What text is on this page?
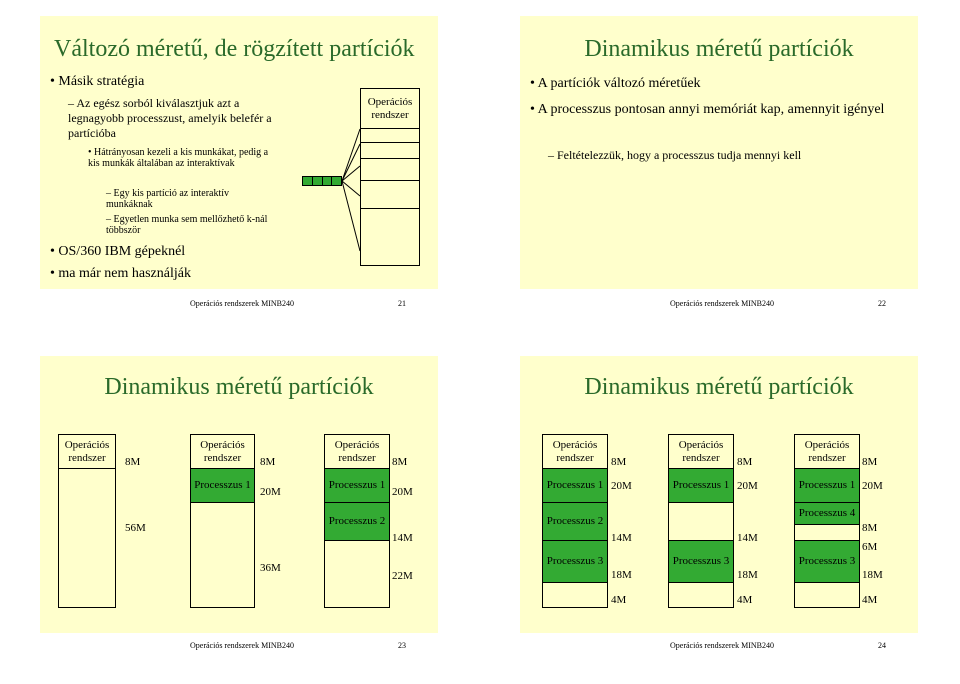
Változó méretű, de rögzített partíciók
• Másik stratégia
– Az egész sorból kiválasztjuk azt a legnagyobb processzust, amelyik belefér a partícióba
• Hátrányosan kezeli a kis munkákat, pedig a kis munkák általában az interaktívak
– Egy kis partíció az interaktív munkáknak
– Egyetlen munka sem mellőzhető k-nál többször
• OS/360 IBM gépeknél
• ma már nem használják
Operációs rendszer
Operációs rendszerek MINB240	21
Dinamikus méretű partíciók
• A partíciók változó méretűek
• A processzus pontosan annyi memóriát kap, amennyit igényel
– Feltételezzük, hogy a processzus tudja mennyi kell
Operációs rendszerek MINB240	22
Dinamikus méretű partíciók
Operációs rendszer	8M
56M
Operációs rendszer
Processzus 1
8M
20M
36M
Operációs rendszer
Processzus 1
Processzus 2
8M
20M
14M
22M
Operációs rendszerek MINB240	23
Dinamikus méretű partíciók
Operációs rendszer
Processzus 1
Processzus 2
Processzus 3
8M
20M
14M
18M
4M
Operációs rendszer
Processzus 1
Processzus 3
8M
20M
14M
18M
4M
Operációs rendszer
Processzus 1
Processzus 4
Processzus 3
8M
20M
8M
6M
18M
4M
Operációs rendszerek MINB240	24
